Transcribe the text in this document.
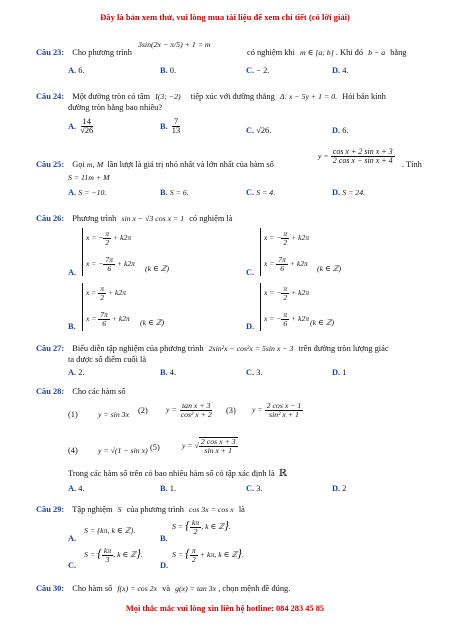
Đây là bản xem thử, vui lòng mua tài liệu để xem chi tiết (có lời giải)
Câu 23: Cho phương trình
3sin(2x − π/5) + 1 = m
có nghiệm khi m ∈ [a; b] . Khi đó b − a bằng
A. 6.	B. 0.	C. − 2.	D. 4.
Câu 24: Một đường tròn có tâm I(3; −2) tiếp xúc với đường thẳng Δ: x − 5y + 1 = 0. Hỏi bán kính
đường tròn bằng bao nhiêu?
A. $\frac{14}{√26}$	B. $\frac{7}{13}$	C. √26.	D. 6.
Câu 25: Gọi m, M lần lượt là giá trị nhỏ nhất và lớn nhất của hàm số
$y = \frac{\text{cos x + 2 sin x + 3}}{\text{2 cos x − sin x + 4}}$ . Tính
S = 11m + M
A. S = −10.	B. S = 6.	C. S = 4.	D. S = 24.
Câu 26: Phương trình sin x − √3 cos x = 1 có nghiệm là
x = − $\frac{\pi}{2} + k2\pi$
x = − $\frac{7\pi}{6} + k2\pi$
A.	(k ∈ ℤ)
x = − $\frac{\pi}{2} + k2\pi$
$x = \frac{7\pi}{6} + k2\pi$
C.	(k ∈ ℤ)
$x = \frac{\pi}{2} + k2\pi$
$x = \frac{7\pi}{6} + k2\pi$
B.	(k ∈ ℤ)
x = − $\frac{\pi}{2} + k2\pi$
x = − $\frac{\pi}{6} + k2\pi$
D.	(k ∈ ℤ)
Câu 27: Biểu diễn tập nghiệm của phương trình 2sin²x − cos²x = 5sin x − 3 trên đường tròn lượng giác
ta được số điểm cuối là
A. 2.	B. 4.	C. 3.	D. 1
Câu 28: Cho các hàm số
(1)	y = sin 3x (2) $y = \frac{\text{tan x + 3}}{\text{cos² x + 2}} (3) y = \frac{\text{2 cos x − 1}}{\text{sin² x + 1}}$
(4)	y = √(1 − sin x) (5)	y = √ $\frac{\text{2 cos x + 3}}{\text{sin x + 1}}$
Trong các hàm số trên có bao nhiêu hàm số có tập xác định là ℝ
A. 4.	B. 1.	C. 3.	D. 2
Câu 29: Tập nghiệm S của phương trình cos 3x = cos x là
A.
S = {kπ, k ∈ ℤ}.
B.
S = { $\frac{k\pi}{2}$ , k ∈ ℤ}.
C.
S = { $\frac{k\pi}{3}$ , k ∈ ℤ}.
D.
S = { $\frac{\pi}{2} + k\pi$, k ∈ ℤ}.
Câu 30: Cho hàm số f(x) = cos 2x và g(x) = tan 3x , chọn mệnh đề đúng.
Mọi thắc mắc vui lòng xin liên hệ hotline: 084 283 45 85
